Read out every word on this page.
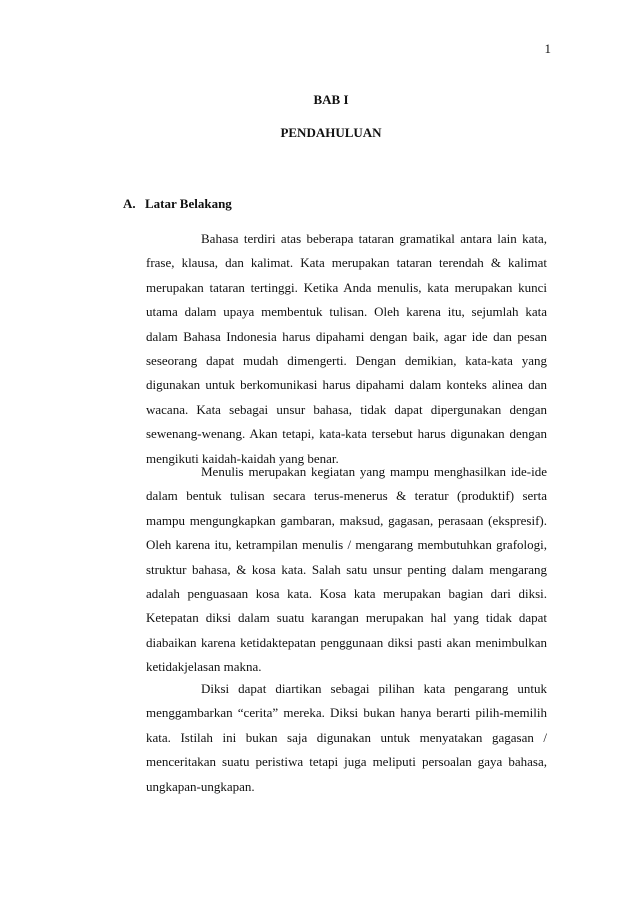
1
BAB I
PENDAHULUAN
A. Latar Belakang

Bahasa terdiri atas beberapa tataran gramatikal antara lain kata, frase, klausa, dan kalimat. Kata merupakan tataran terendah & kalimat merupakan tataran tertinggi. Ketika Anda menulis, kata merupakan kunci utama dalam upaya membentuk tulisan. Oleh karena itu, sejumlah kata dalam Bahasa Indonesia harus dipahami dengan baik, agar ide dan pesan seseorang dapat mudah dimengerti. Dengan demikian, kata-kata yang digunakan untuk berkomunikasi harus dipahami dalam konteks alinea dan wacana. Kata sebagai unsur bahasa, tidak dapat dipergunakan dengan sewenang-wenang. Akan tetapi, kata-kata tersebut harus digunakan dengan mengikuti kaidah-kaidah yang benar.

Menulis merupakan kegiatan yang mampu menghasilkan ide-ide dalam bentuk tulisan secara terus-menerus & teratur (produktif) serta mampu mengungkapkan gambaran, maksud, gagasan, perasaan (ekspresif). Oleh karena itu, ketrampilan menulis / mengarang membutuhkan grafologi, struktur bahasa, & kosa kata. Salah satu unsur penting dalam mengarang adalah penguasaan kosa kata. Kosa kata merupakan bagian dari diksi. Ketepatan diksi dalam suatu karangan merupakan hal yang tidak dapat diabaikan karena ketidaktepatan penggunaan diksi pasti akan menimbulkan ketidakjelasan makna.

Diksi dapat diartikan sebagai pilihan kata pengarang untuk menggambarkan “cerita” mereka. Diksi bukan hanya berarti pilih-memilih kata. Istilah ini bukan saja digunakan untuk menyatakan gagasan / menceritakan suatu peristiwa tetapi juga meliputi persoalan gaya bahasa, ungkapan-ungkapan.
